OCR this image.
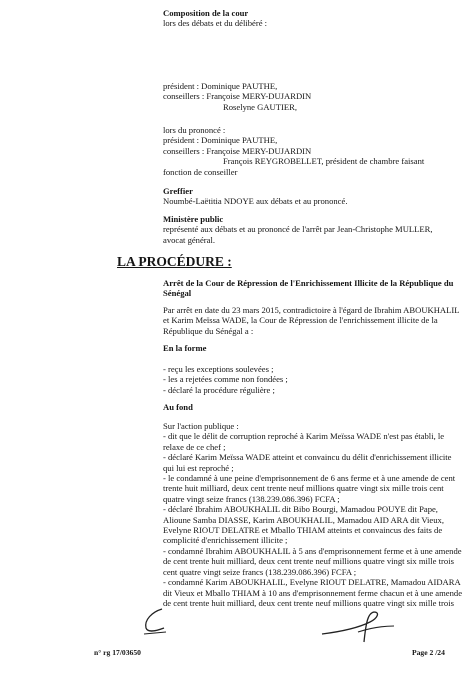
Composition de la cour
lors des débats et du délibéré :
président : Dominique PAUTHE,
conseillers : Françoise MERY-DUJARDIN
Roselyne GAUTIER,
lors du prononcé :
président : Dominique PAUTHE,
conseillers : Françoise MERY-DUJARDIN
François REYGROBELLET, président de chambre faisant
fonction de conseiller
Greffier
Noumbé-Laëtitia NDOYE aux débats et au prononcé.
Ministère public
représenté aux débats et au prononcé de l'arrêt par Jean-Christophe MULLER,
avocat général.
LA PROCÉDURE :
Arrêt de la Cour de Répression de l'Enrichissement Illicite de la République du
Sénégal
Par arrêt en date du 23 mars 2015, contradictoire à l'égard de Ibrahim ABOUKHALIL
et Karim Meïssa WADE, la Cour de Répression de l'enrichissement illicite de la
République du Sénégal a :
En la forme
- reçu les exceptions soulevées ;
- les a rejetées comme non fondées ;
- déclaré la procédure régulière ;
Au fond
Sur l'action publique :
- dit que le délit de corruption reproché à Karim Meïssa WADE n'est pas établi, le
relaxe de ce chef ;
- déclaré Karim Meïssa WADE atteint et convaincu du délit d'enrichissement illicite
qui lui est reproché ;
- le condamné à une peine d'emprisonnement de 6 ans ferme et à une amende de cent
trente huit milliard, deux cent trente neuf millions quatre vingt six mille trois cent
quatre vingt seize francs (138.239.086.396) FCFA ;
- déclaré Ibrahim ABOUKHALIL dit Bibo Bourgi, Mamadou POUYE dit Pape,
Alioune Samba DIASSE, Karim ABOUKHALIL, Mamadou AID ARA dit Vieux,
Evelyne RIOUT DELATRE et Mballo THIAM atteints et convaincus des faits de
complicité d'enrichissement illicite ;
- condamné Ibrahim ABOUKHALIL à 5 ans d'emprisonnement ferme et à une amende
de cent trente huit milliard, deux cent trente neuf millions quatre vingt six mille trois
cent quatre vingt seize francs (138.239.086.396) FCFA ;
- condamné Karim ABOUKHALIL, Evelyne RIOUT DELATRE, Mamadou AIDARA
dit Vieux et Mballo THIAM à 10 ans d'emprisonnement ferme chacun et à une amende
de cent trente huit milliard, deux cent trente neuf millions quatre vingt six mille trois
n° rg 17/03650	Page 2 /24
